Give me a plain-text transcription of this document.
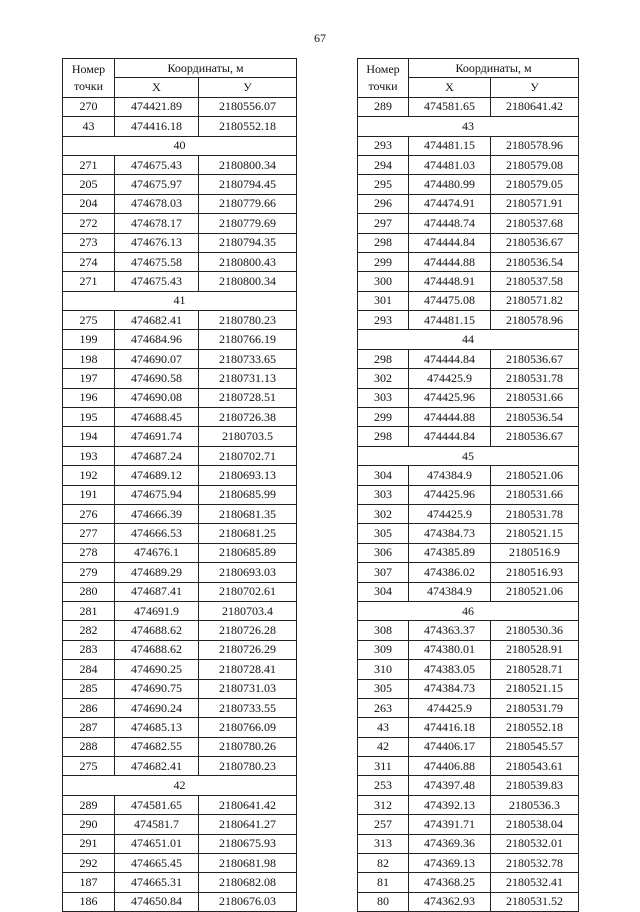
67
Номер
точки	Координаты, м	
	X	У
270	474421.89	2180556.07
43	474416.18	2180552.18
40		
271	474675.43	2180800.34
205	474675.97	2180794.45
204	474678.03	2180779.66
272	474678.17	2180779.69
273	474676.13	2180794.35
274	474675.58	2180800.43
271	474675.43	2180800.34
41		
275	474682.41	2180780.23
199	474684.96	2180766.19
198	474690.07	2180733.65
197	474690.58	2180731.13
196	474690.08	2180728.51
195	474688.45	2180726.38
194	474691.74	2180703.5
193	474687.24	2180702.71
192	474689.12	2180693.13
191	474675.94	2180685.99
276	474666.39	2180681.35
277	474666.53	2180681.25
278	474676.1	2180685.89
279	474689.29	2180693.03
280	474687.41	2180702.61
281	474691.9	2180703.4
282	474688.62	2180726.28
283	474688.62	2180726.29
284	474690.25	2180728.41
285	474690.75	2180731.03
286	474690.24	2180733.55
287	474685.13	2180766.09
288	474682.55	2180780.26
275	474682.41	2180780.23
42		
289	474581.65	2180641.42
290	474581.7	2180641.27
291	474651.01	2180675.93
292	474665.45	2180681.98
187	474665.31	2180682.08
186	474650.84	2180676.03
Номер
точки	Координаты, м	
	X	У
289	474581.65	2180641.42
43		
293	474481.15	2180578.96
294	474481.03	2180579.08
295	474480.99	2180579.05
296	474474.91	2180571.91
297	474448.74	2180537.68
298	474444.84	2180536.67
299	474444.88	2180536.54
300	474448.91	2180537.58
301	474475.08	2180571.82
293	474481.15	2180578.96
44		
298	474444.84	2180536.67
302	474425.9	2180531.78
303	474425.96	2180531.66
299	474444.88	2180536.54
298	474444.84	2180536.67
45		
304	474384.9	2180521.06
303	474425.96	2180531.66
302	474425.9	2180531.78
305	474384.73	2180521.15
306	474385.89	2180516.9
307	474386.02	2180516.93
304	474384.9	2180521.06
46		
308	474363.37	2180530.36
309	474380.01	2180528.91
310	474383.05	2180528.71
305	474384.73	2180521.15
263	474425.9	2180531.79
43	474416.18	2180552.18
42	474406.17	2180545.57
311	474406.88	2180543.61
253	474397.48	2180539.83
312	474392.13	2180536.3
257	474391.71	2180538.04
313	474369.36	2180532.01
82	474369.13	2180532.78
81	474368.25	2180532.41
80	474362.93	2180531.52
